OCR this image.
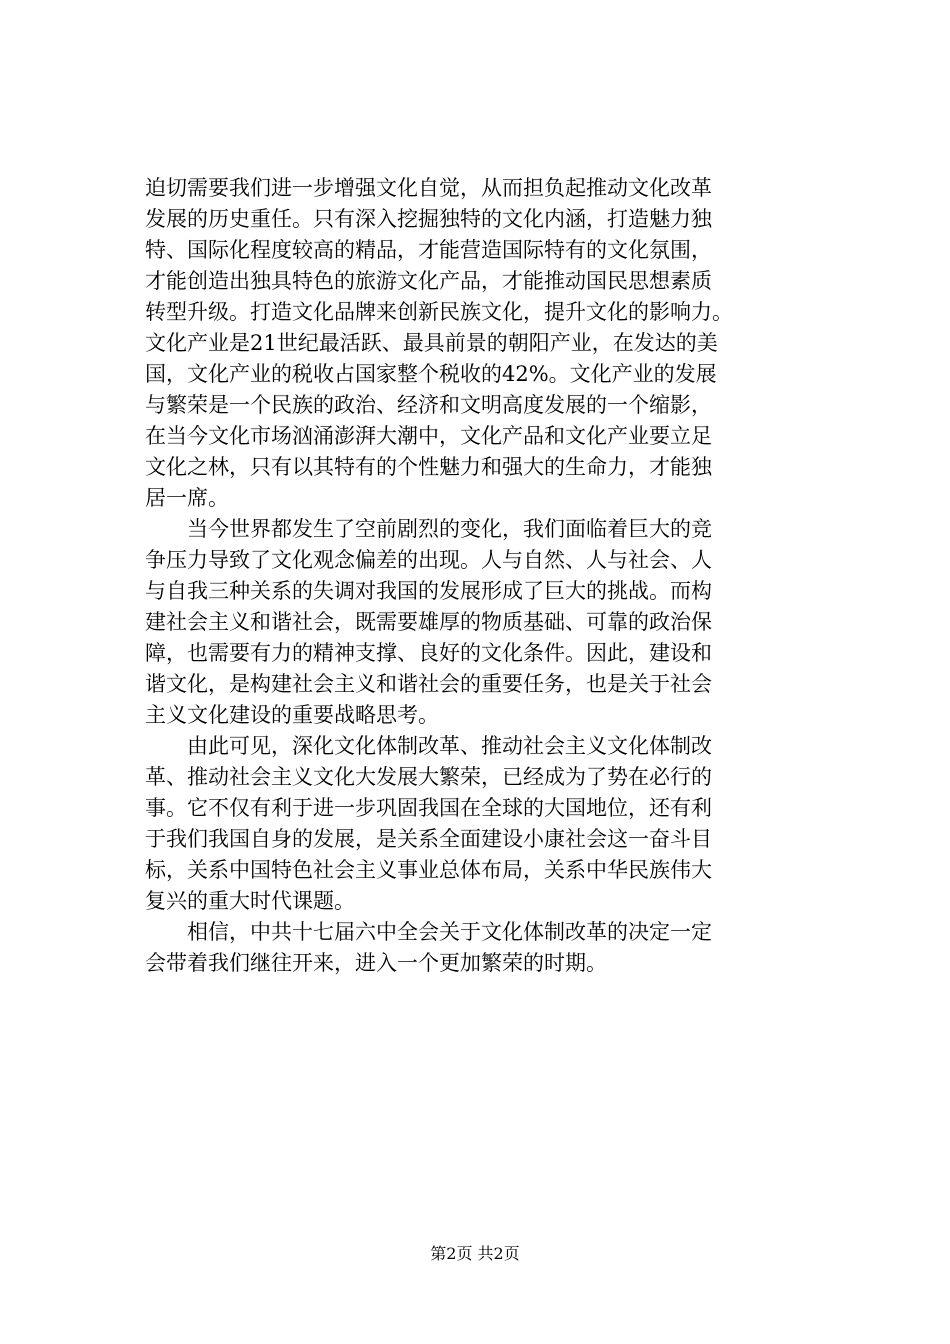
迫切需要我们进一步增强文化自觉，从而担负起推动文化改革
发展的历史重任。只有深入挖掘独特的文化内涵，打造魅力独
特、国际化程度较高的精品，才能营造国际特有的文化氛围，
才能创造出独具特色的旅游文化产品，才能推动国民思想素质
转型升级。打造文化品牌来创新民族文化，提升文化的影响力。
文化产业是21世纪最活跃、最具前景的朝阳产业，在发达的美
国，文化产业的税收占国家整个税收的42%。文化产业的发展
与繁荣是一个民族的政治、经济和文明高度发展的一个缩影，
在当今文化市场汹涌澎湃大潮中，文化产品和文化产业要立足
文化之林，只有以其特有的个性魅力和强大的生命力，才能独
居一席。
　　当今世界都发生了空前剧烈的变化，我们面临着巨大的竞
争压力导致了文化观念偏差的出现。人与自然、人与社会、人
与自我三种关系的失调对我国的发展形成了巨大的挑战。而构
建社会主义和谐社会，既需要雄厚的物质基础、可靠的政治保
障，也需要有力的精神支撑、良好的文化条件。因此，建设和
谐文化，是构建社会主义和谐社会的重要任务，也是关于社会
主义文化建设的重要战略思考。
　　由此可见，深化文化体制改革、推动社会主义文化体制改
革、推动社会主义文化大发展大繁荣，已经成为了势在必行的
事。它不仅有利于进一步巩固我国在全球的大国地位，还有利
于我们我国自身的发展，是关系全面建设小康社会这一奋斗目
标，关系中国特色社会主义事业总体布局，关系中华民族伟大
复兴的重大时代课题。
　　相信，中共十七届六中全会关于文化体制改革的决定一定
会带着我们继往开来，进入一个更加繁荣的时期。
第2页 共2页
